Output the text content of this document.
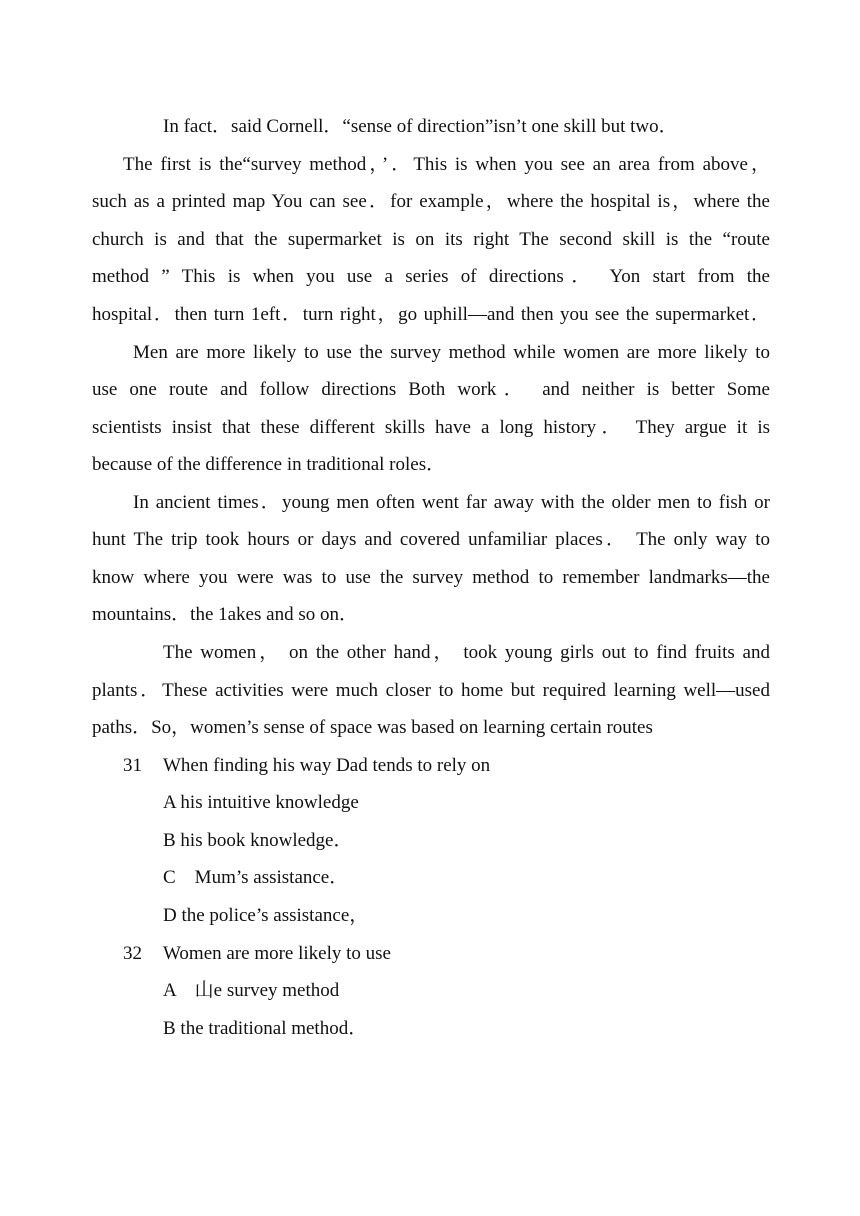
In fact．said Cornell．“sense of direction”isn’t one skill but two．
The first is the“survey method，’．This is when you see an area from above，
such as a printed map You can see．for example，where the hospital is，where the
church is and that the supermarket is on its right The second skill is the “route
method ” This is when you use a series of directions． Yon start from the
hospital．then turn 1eft．turn right，go uphill—and then you see the supermarket．
Men are more likely to use the survey method while women are more likely to
use one route and follow directions Both work． and neither is better Some
scientists insist that these different skills have a long history． They argue it is
because of the difference in traditional roles．
In ancient times．young men often went far away with the older men to fish or
hunt The trip took hours or days and covered unfamiliar places． The only way to
know where you were was to use the survey method to remember landmarks—the
mountains．the 1akes and so on．
The women， on the other hand， took young girls out to find fruits and
plants．These activities were much closer to home but required learning well—used
paths．So，women’s sense of space was based on learning certain routes
31 When finding his way Dad tends to rely on
A his intuitive knowledge
B his book knowledge．
C　Mum’s assistance．
D the police’s assistance，
32 Women are more likely to use
A　山e survey method
B the traditional method．
